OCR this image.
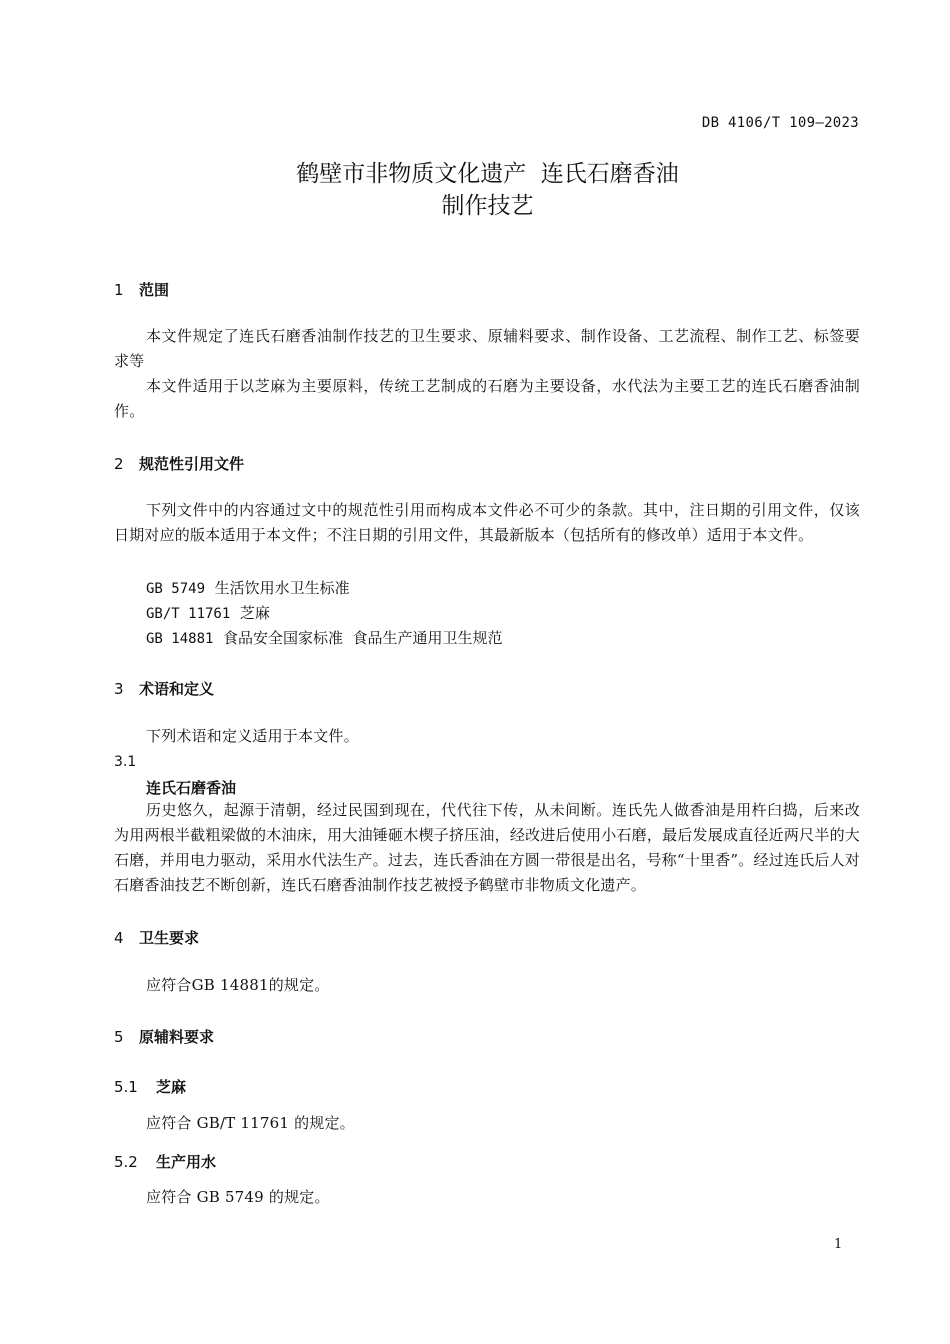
DB 4106/T 109—2023
鹤壁市非物质文化遗产  连氏石磨香油
制作技艺
1 范围

本文件规定了连氏石磨香油制作技艺的卫生要求、原辅料要求、制作设备、工艺流程、制作工艺、标签要求等

本文件适用于以芝麻为主要原料，传统工艺制成的石磨为主要设备，水代法为主要工艺的连氏石磨香油制作。

2 规范性引用文件

下列文件中的内容通过文中的规范性引用而构成本文件必不可少的条款。其中，注日期的引用文件，仅该日期对应的版本适用于本文件；不注日期的引用文件，其最新版本（包括所有的修改单）适用于本文件。

GB 5749 生活饮用水卫生标准
GB/T 11761 芝麻
GB 14881 食品安全国家标准  食品生产通用卫生规范
3 术语和定义

下列术语和定义适用于本文件。

3.1
连氏石磨香油

历史悠久，起源于清朝，经过民国到现在，代代往下传，从未间断。连氏先人做香油是用杵臼捣，后来改为用两根半截粗梁做的木油床，用大油锤砸木楔子挤压油，经改进后使用小石磨，最后发展成直径近两尺半的大石磨，并用电力驱动，采用水代法生产。过去，连氏香油在方圆一带很是出名，号称“十里香”。经过连氏后人对石磨香油技艺不断创新，连氏石磨香油制作技艺被授予鹤壁市非物质文化遗产。

4 卫生要求

应符合GB 14881的规定。

5 原辅料要求
5.1 芝麻

应符合 GB/T 11761 的规定。

5.2 生产用水

应符合 GB 5749 的规定。

1
